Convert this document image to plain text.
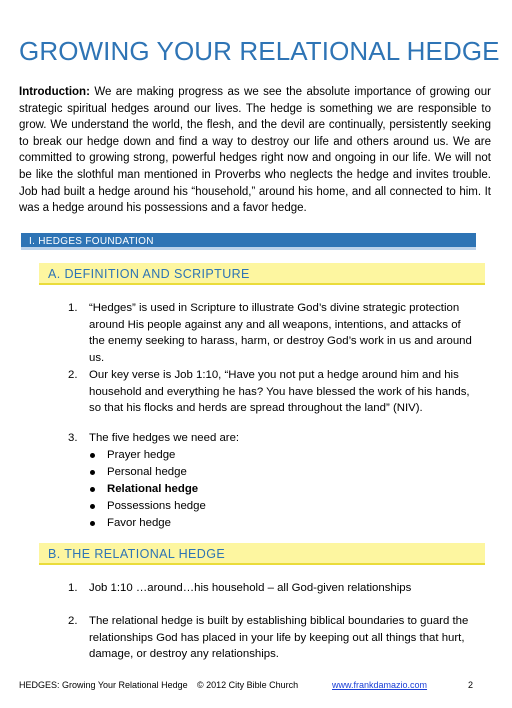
GROWING YOUR RELATIONAL HEDGE

Introduction: We are making progress as we see the absolute importance of growing our strategic spiritual hedges around our lives. The hedge is something we are responsible to grow. We understand the world, the flesh, and the devil are continually, persistently seeking to break our hedge down and find a way to destroy our life and others around us. We are committed to growing strong, powerful hedges right now and ongoing in our life. We will not be like the slothful man mentioned in Proverbs who neglects the hedge and invites trouble. Job had built a hedge around his “household,” around his home, and all connected to him. It was a hedge around his possessions and a favor hedge.

I. HEDGES FOUNDATION
A. DEFINITION AND SCRIPTURE
1.	“Hedges” is used in Scripture to illustrate God’s divine strategic protection around His people against any and all weapons, intentions, and attacks of the enemy seeking to harass, harm, or destroy God’s work in us and around us.
2.	Our key verse is Job 1:10, “Have you not put a hedge around him and his household and everything he has? You have blessed the work of his hands, so that his flocks and herds are spread throughout the land” (NIV).
3.	The five hedges we need are:
Prayer hedge
Personal hedge
Relational hedge
Possessions hedge
Favor hedge
B. THE RELATIONAL HEDGE
1.	Job 1:10 …around…his household – all God-given relationships
2.	The relational hedge is built by establishing biblical boundaries to guard the relationships God has placed in your life by keeping out all things that hurt, damage, or destroy any relationships.
HEDGES: Growing Your Relational Hedge © 2012 City Bible Church	www.frankdamazio.com	2
